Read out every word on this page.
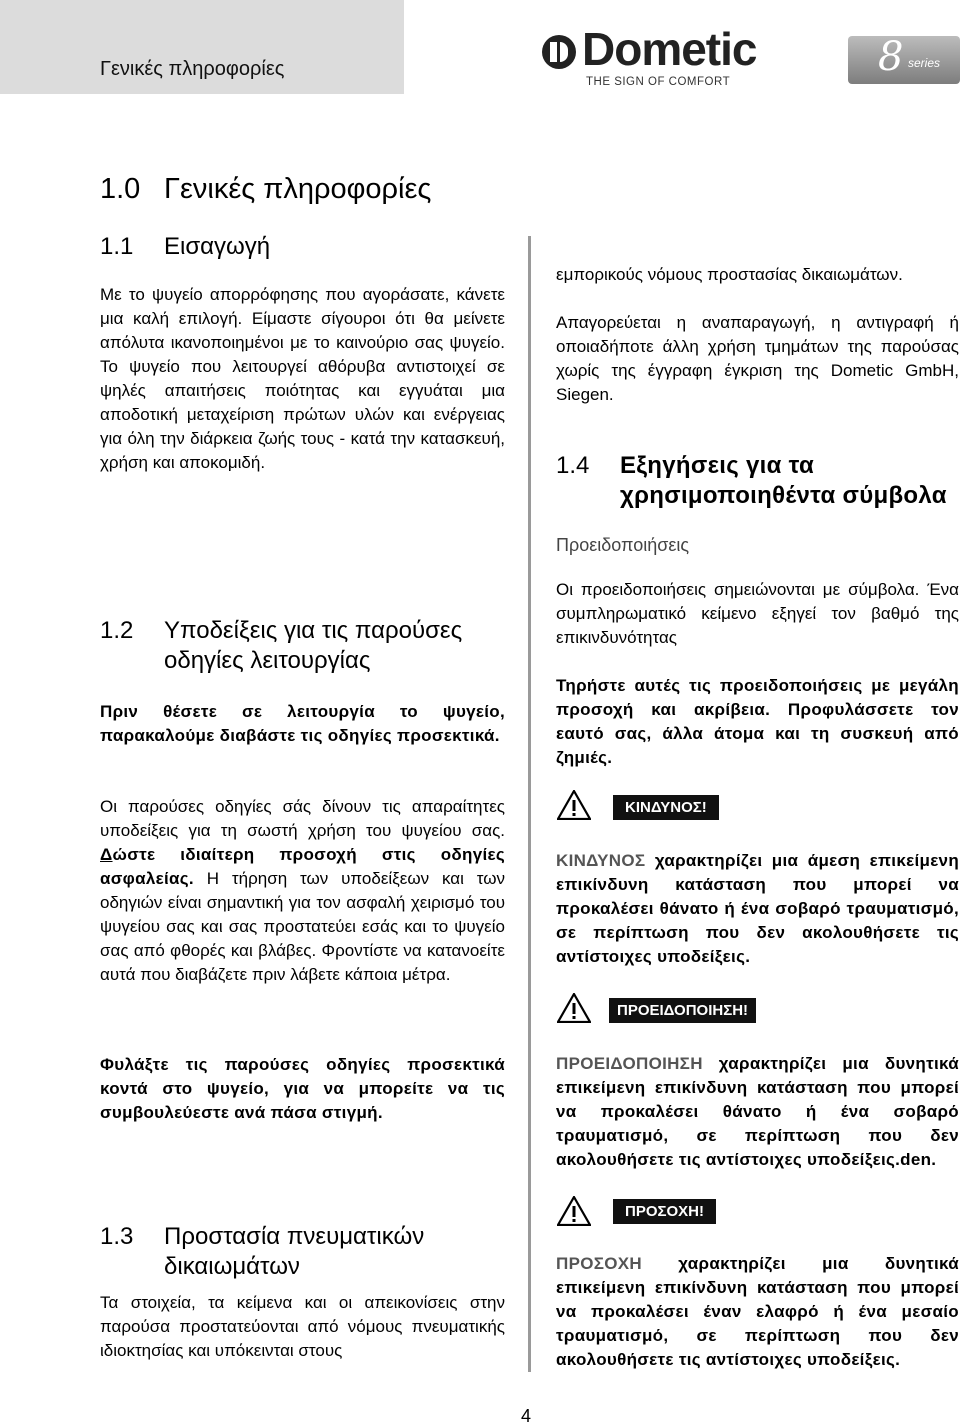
Γενικές πληροφορίες	Dometic
THE SIGN OF COMFORT
8 series
1.0 Γενικές πληροφορίες
1.1 Εισαγωγή

Με το ψυγείο απορρόφησης που αγοράσατε, κάνετε μια καλή επιλογή. Είμαστε σίγουροι ότι θα μείνετε απόλυτα ικανοποιημένοι με το καινούριο σας ψυγείο. Το ψυγείο που λειτουργεί αθόρυβα αντιστοιχεί σε ψηλές απαιτήσεις ποιότητας και εγγυάται μια αποδοτική μεταχείριση πρώτων υλών και ενέργειας για όλη την διάρκεια ζωής τους - κατά την κατασκευή, χρήση και αποκομιδή.

1.2 Υποδείξεις για τις παρούσες οδηγίες λειτουργίας

Πριν θέσετε σε λειτουργία το ψυγείο, παρακαλούμε διαβάστε τις οδηγίες προσεκτικά.

Οι παρούσες οδηγίες σάς δίνουν τις απαραίτητες υποδείξεις για τη σωστή χρήση του ψυγείου σας. Δώστε ιδιαίτερη προσοχή στις οδηγίες ασφαλείας. Η τήρηση των υποδείξεων και των οδηγιών είναι σημαντική για τον ασφαλή χειρισμό του ψυγείου σας και σας προστατεύει εσάς και το ψυγείο σας από φθορές και βλάβες. Φροντίστε να κατανοείτε αυτά που διαβάζετε πριν λάβετε κάποια μέτρα.

Φυλάξτε τις παρούσες οδηγίες προσεκτικά κοντά στο ψυγείο, για να μπορείτε να τις συμβουλεύεστε ανά πάσα στιγμή.

1.3 Προστασία πνευματικών δικαιωμάτων

Τα στοιχεία, τα κείμενα και οι απεικονίσεις στην παρούσα προστατεύονται από νόμους πνευματικής ιδιοκτησίας και υπόκεινται στους

εμπορικούς νόμους προστασίας δικαιωμάτων.

Απαγορεύεται η αναπαραγωγή, η αντιγραφή ή οποιαδήποτε άλλη χρήση τμημάτων της παρούσας χωρίς της έγγραφη έγκριση της Dometic GmbH, Siegen.

1.4 Εξηγήσεις για τα χρησιμοποιηθέντα σύμβολα
Προειδοποιήσεις

Οι προειδοποιήσεις σημειώνονται με σύμβολα. Ένα συμπληρωματικό κείμενο εξηγεί τον βαθμό της επικινδυνότητας

Τηρήστε αυτές τις προειδοποιήσεις με μεγάλη προσοχή και ακρίβεια. Προφυλάσσετε τον εαυτό σας, άλλα άτομα και τη συσκευή από ζημιές.

ΚΙΝΔΥΝΟΣ!

ΚΙΝΔΥΝΟΣ χαρακτηρίζει μια άμεση επικείμενη επικίνδυνη κατάσταση που μπορεί να προκαλέσει θάνατο ή ένα σοβαρό τραυματισμό, σε περίπτωση που δεν ακολουθήσετε τις αντίστοιχες υποδείξεις.

ΠΡΟΕΙΔΟΠΟΙΗΣΗ!

ΠΡΟΕΙΔΟΠΟΙΗΣΗ χαρακτηρίζει μια δυνητικά επικείμενη επικίνδυνη κατάσταση που μπορεί να προκαλέσει θάνατο ή ένα σοβαρό τραυματισμό, σε περίπτωση που δεν ακολουθήσετε τις αντίστοιχες υποδείξεις.den.

ΠΡΟΣΟΧΗ!

ΠΡΟΣΟΧΗ χαρακτηρίζει μια δυνητικά επικείμενη επικίνδυνη κατάσταση που μπορεί να προκαλέσει έναν ελαφρό ή ένα μεσαίο τραυματισμό, σε περίπτωση που δεν ακολουθήσετε τις αντίστοιχες υποδείξεις.

4
